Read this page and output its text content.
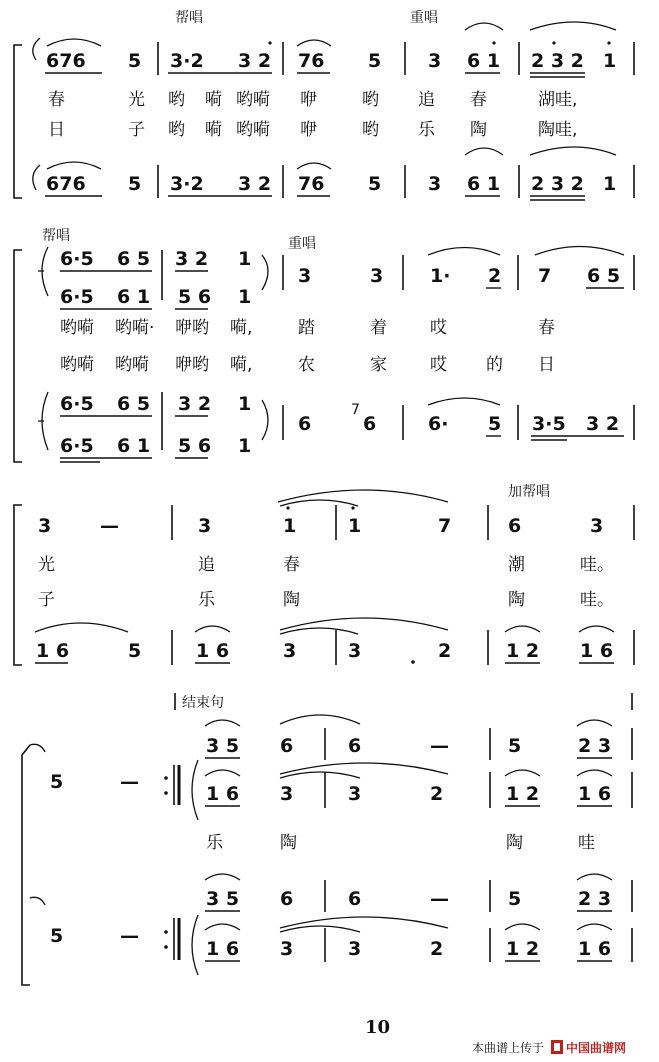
帮唱	重唱
676 5 3·2 3 2 76 5 3 6 1 2 3 2 1
春	光 哟 嗬 哟嗬 咿	哟 追 春	湖哇,
日	子 哟 嗬 哟嗬 咿	哟 乐 陶	陶哇,
676 5 3·2 3 2 76 5 3 6 1 2 3 2 1
帮唱	重唱
6·5 6 5 3 2 1
3	3 1· 2 7 6 5
6·5 6 1 5 6 1
哟嗬 哟嗬· 咿哟 嗬,	踏	着	哎	春
哟嗬 哟嗬 咿哟 嗬,	农	家	哎 的 日
6·5 6 5 3 2 1
6
7
6	6· 5 3·5 3 2
6·5 6 1 5 6 1
加帮唱
3	—	3	1	1	7	6	3
光	追	春	潮	哇。
子	乐	陶	陶	哇。
1 6	5	1 6	3	3	2	1 2 1 6
结束句
3 5 6	6	—	5	2 3
5	—
1 6 3	3	2	1 2 1 6
乐	陶	陶	哇
3 5 6	6	—	5	2 3
5	—
1 6 3	3	2	1 2 1 6
10
本曲谱上传于 中国曲谱网
